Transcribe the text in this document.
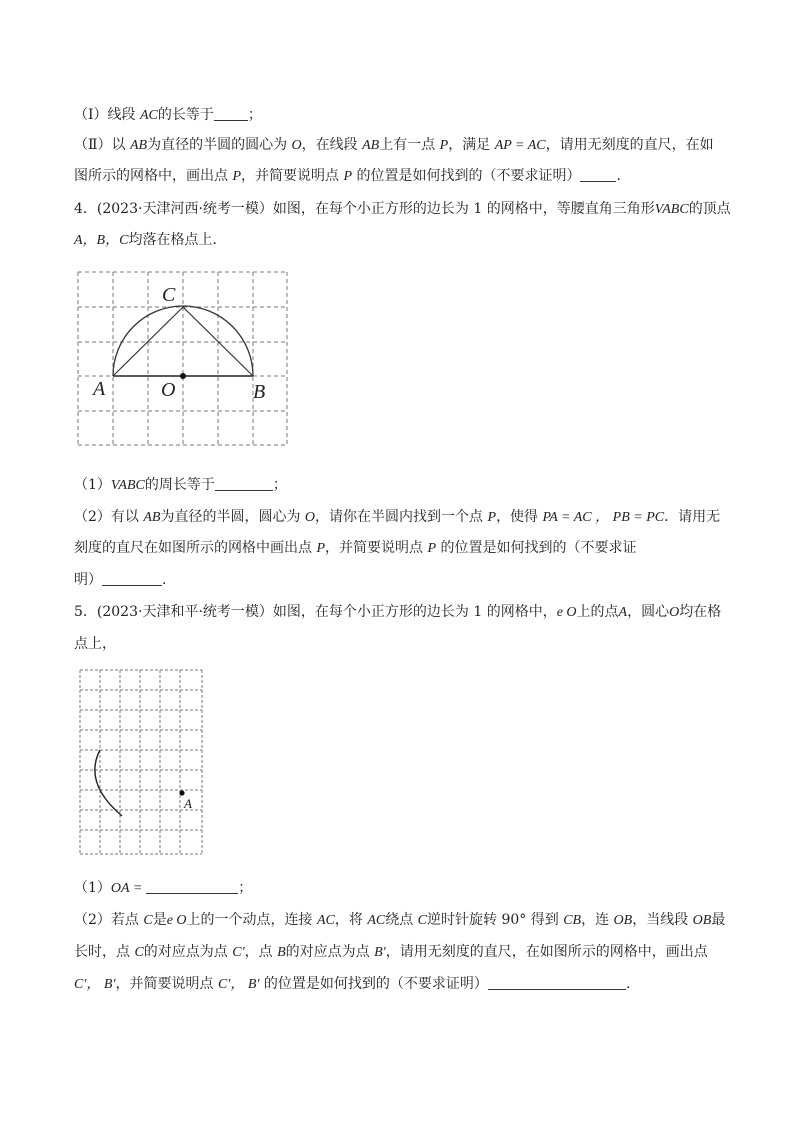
（Ⅰ）线段 AC的长等于 ；
（Ⅱ）以 AB为直径的半圆的圆心为 O，在线段 AB上有一点 P，满足 AP = AC，请用无刻度的直尺，在如
图所示的网格中，画出点 P，并简要说明点 P 的位置是如何找到的（不要求证明）	.
4．(2023·天津河西·统考一模）如图，在每个小正方形的边长为 1 的网格中，等腰直角三角形VABC的顶点
A，B，C均落在格点上．
C
A	O	B
（1）VABC的周长等于	；
（2）有以 AB为直径的半圆，圆心为 O，请你在半圆内找到一个点 P，使得 PA = AC ， PB = PC．请用无
刻度的直尺在如图所示的网格中画出点 P，并简要说明点 P 的位置是如何找到的（不要求证
明）	.
5．(2023·天津和平·统考一模）如图，在每个小正方形的边长为 1 的网格中，e O上的点A，圆心O均在格
点上，
A
（1）OA =	；
（2）若点 C是e O上的一个动点，连接 AC，将 AC绕点 C逆时针旋转 90° 得到 CB，连 OB，当线段 OB最
长时，点 C的对应点为点 C′，点 B的对应点为点 B′，请用无刻度的直尺，在如图所示的网格中，画出点
C′， B′，并简要说明点 C′， B′ 的位置是如何找到的（不要求证明）	.
